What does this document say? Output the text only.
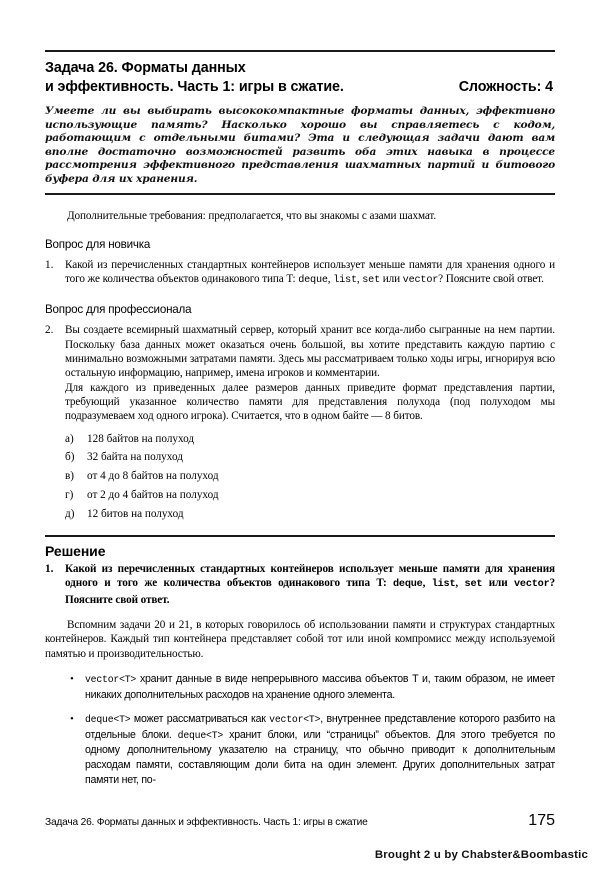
Задача 26. Форматы данных
и эффективность. Часть 1: игры в сжатие.	Сложность: 4
Умеете ли вы выбирать высококомпактные форматы данных, эффективно использующие память? Насколько хорошо вы справляетесь с кодом, работающим с отдельными битами? Эта и следующая задачи дают вам вполне достаточно возможностей развить оба этих навыка в процессе рассмотрения эффективного представления шахматных партий и битового буфера для их хранения.

Дополнительные требования: предполагается, что вы знакомы с азами шахмат.

Вопрос для новичка
1.	Какой из перечисленных стандартных контейнеров использует меньше памяти для хранения одного и того же количества объектов одинакового типа T: deque, list, set или vector? Поясните свой ответ.
Вопрос для профессионала
2.	Вы создаете всемирный шахматный сервер, который хранит все когда-либо сыгранные на нем партии. Поскольку база данных может оказаться очень большой, вы хотите представить каждую партию с минимально возможными затратами памяти. Здесь мы рассматриваем только ходы игры, игнорируя всю остальную информацию, например, имена игроков и комментарии.

Для каждого из приведенных далее размеров данных приведите формат представления партии, требующий указанное количество памяти для представления полухода (под полуходом мы подразумеваем ход одного игрока). Считается, что в одном байте — 8 битов.

а)	128 байтов на полуход
б)	32 байта на полуход
в)	от 4 до 8 байтов на полуход
г)	от 2 до 4 байтов на полуход
д)	12 битов на полуход
Решение
1.	Какой из перечисленных стандартных контейнеров использует меньше памяти для хранения одного и того же количества объектов одинакового типа T: deque, list, set или vector? Поясните свой ответ.

Вспомним задачи 20 и 21, в которых говорилось об использовании памяти и структурах стандартных контейнеров. Каждый тип контейнера представляет собой тот или иной компромисс между используемой памятью и производительностью.

•	vector<T> хранит данные в виде непрерывного массива объектов T и, таким образом, не имеет никаких дополнительных расходов на хранение одного элемента.
•	deque<T> может рассматриваться как vector<T>, внутреннее представление которого разбито на отдельные блоки. deque<T> хранит блоки, или “страницы” объектов. Для этого требуется по одному дополнительному указателю на страницу, что обычно приводит к дополнительным расходам памяти, составляющим доли бита на один элемент. Других дополнительных затрат памяти нет, по-
Задача 26. Форматы данных и эффективность. Часть 1: игры в сжатие	175
Brought 2 u by Chabster&Boombastic
